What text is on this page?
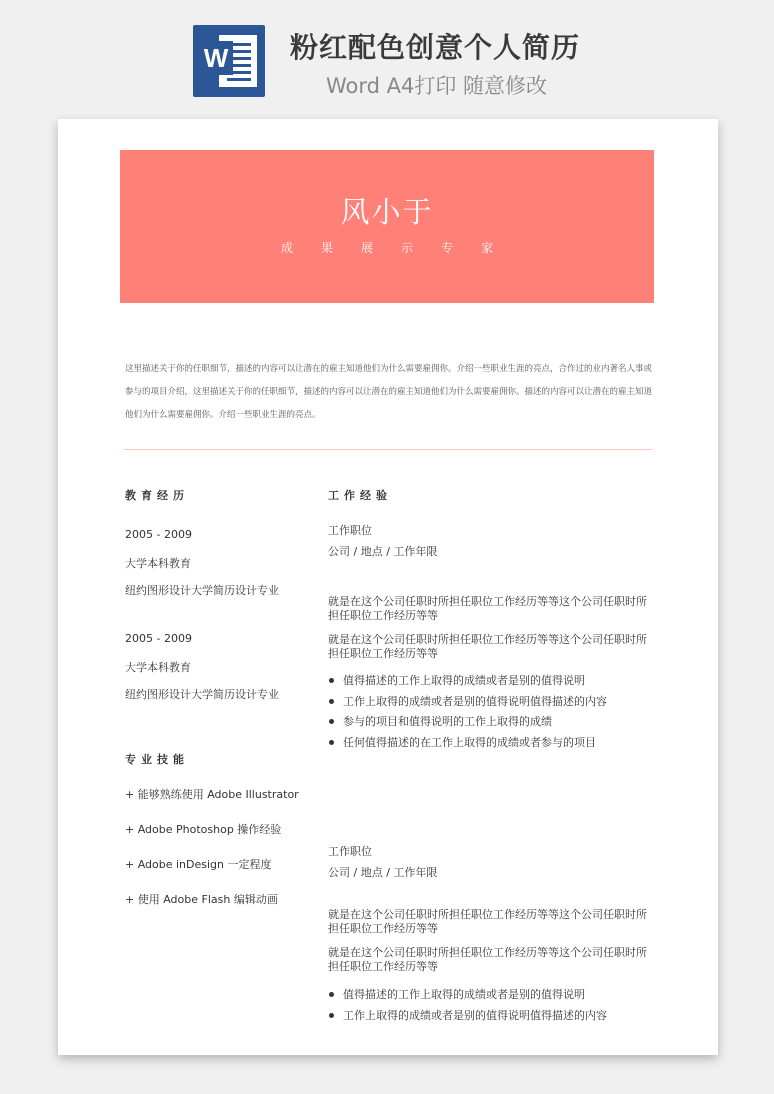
W 粉红配色创意个人简历
Word A4打印 随意修改
风小于
成果展示专家
这里描述关于你的任职细节，描述的内容可以让潜在的雇主知道他们为什么需要雇佣你。介绍一些职业生涯的亮点，合作过的业内著名人事或参与的项目介绍，这里描述关于你的任职细节，描述的内容可以让潜在的雇主知道他们为什么需要雇佣你。描述的内容可以让潜在的雇主知道他们为什么需要雇佣你。介绍一些职业生涯的亮点。
教育经历
2005 - 2009
大学本科教育
纽约图形设计大学简历设计专业
2005 - 2009
大学本科教育
纽约图形设计大学简历设计专业
专业技能
+ 能够熟练使用 Adobe Illustrator
+ Adobe Photoshop 操作经验
+ Adobe inDesign 一定程度
+ 使用 Adobe Flash 编辑动画
工作经验
工作职位
公司 / 地点 / 工作年限
就是在这个公司任职时所担任职位工作经历等等这个公司任职时所担任职位工作经历等等
就是在这个公司任职时所担任职位工作经历等等这个公司任职时所担任职位工作经历等等
值得描述的工作上取得的成绩或者是别的值得说明
工作上取得的成绩或者是别的值得说明值得描述的内容
参与的项目和值得说明的工作上取得的成绩
任何值得描述的在工作上取得的成绩或者参与的项目
工作职位
公司 / 地点 / 工作年限
就是在这个公司任职时所担任职位工作经历等等这个公司任职时所担任职位工作经历等等
就是在这个公司任职时所担任职位工作经历等等这个公司任职时所担任职位工作经历等等
值得描述的工作上取得的成绩或者是别的值得说明
工作上取得的成绩或者是别的值得说明值得描述的内容
